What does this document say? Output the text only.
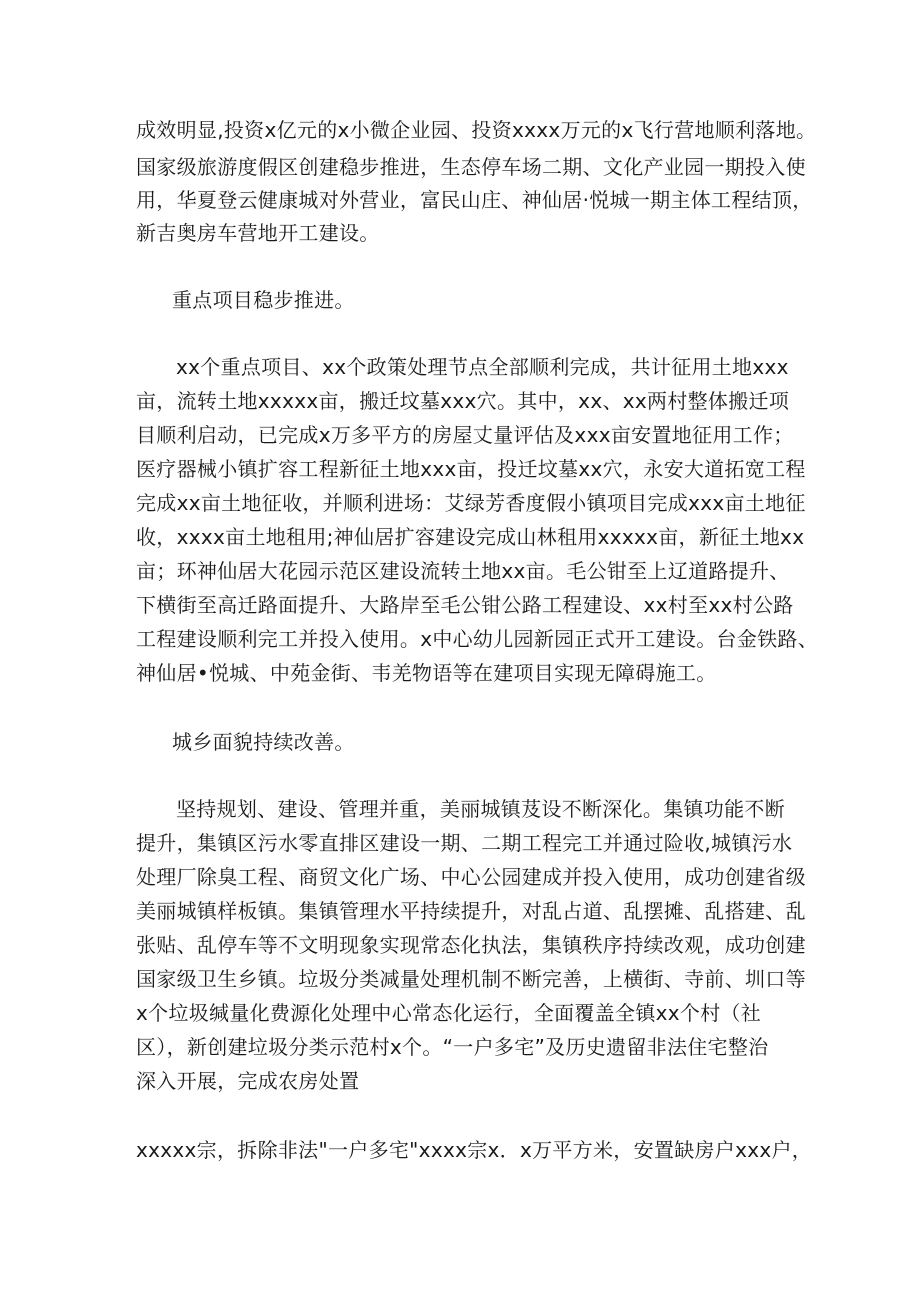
成效明显,投资x亿元的x小微企业园、投资xxxx万元的x飞行营地顺利落地。

国家级旅游度假区创建稳步推进，生态停车场二期、文化产业园一期投入使

用，华夏登云健康城对外营业，富民山庄、神仙居·悦城一期主体工程结顶，

新吉奥房车营地开工建设。

重点项目稳步推进。

xx个重点项目、xx个政策处理节点全部顺利完成，共计征用土地xxx

亩，流转土地xxxxx亩，搬迁坟墓xxx穴。其中，xx、xx两村整体搬迁项

目顺利启动，已完成x万多平方的房屋丈量评估及xxx亩安置地征用工作；

医疗器械小镇扩容工程新征土地xxx亩，投迁坟墓xx穴，永安大道拓宽工程

完成xx亩土地征收，并顺利进场：艾绿芳香度假小镇项目完成xxx亩土地征

收，xxxx亩土地租用;神仙居扩容建设完成山林租用xxxxx亩，新征土地xx

亩；环神仙居大花园示范区建设流转土地xx亩。毛公钳至上辽道路提升、

下横街至高迁路面提升、大路岸至毛公钳公路工程建设、xx村至xx村公路

工程建设顺利完工并投入使用。x中心幼儿园新园正式开工建设。台金铁路、

神仙居•悦城、中苑金街、韦羌物语等在建项目实现无障碍施工。

城乡面貌持续改善。

坚持规划、建设、管理并重，美丽城镇芨设不断深化。集镇功能不断

提升，集镇区污水零直排区建设一期、二期工程完工并通过险收,城镇污水

处理厂除臭工程、商贸文化广场、中心公园建成并投入使用，成功创建省级

美丽城镇样板镇。集镇管理水平持续提升，对乱占道、乱摆摊、乱搭建、乱

张贴、乱停车等不文明现象实现常态化执法，集镇秩序持续改观，成功创建

国家级卫生乡镇。垃圾分类减量处理机制不断完善，上横街、寺前、圳口等

x个垃圾缄量化费源化处理中心常态化运行，全面覆盖全镇xx个村（社

区），新创建垃圾分类示范村x个。“一户多宅”及历史遗留非法住宅整治

深入开展，完成农房处置

xxxxx宗，拆除非法"一户多宅"xxxx宗x．x万平方米，安置缺房户xxx户，
